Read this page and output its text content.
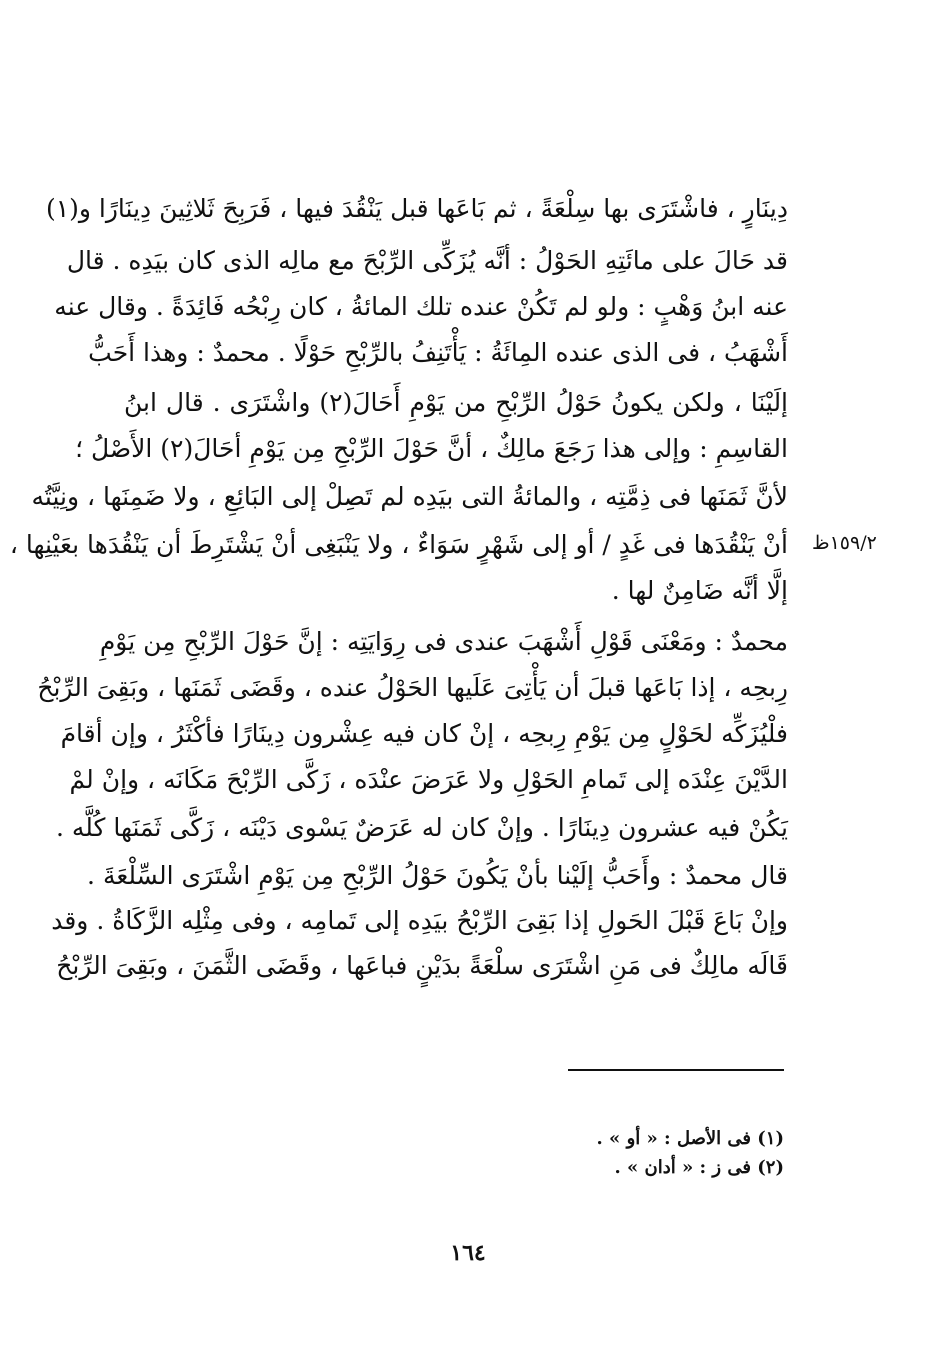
دِينَارٍ ، فاشْتَرَى بها سِلْعَةً ، ثم بَاعَها قبل يَنْقُدَ فيها ، فَرَبِحَ ثَلاثِينَ دِينَارًا و(١)
قد حَالَ على مائَتِهِ الحَوْلُ : أنَّه يُزَكِّى الرِّبْحَ مع مالِه الذى كان بيَدِه . قال
عنه ابنُ وَهْبٍ : ولو لم تَكُنْ عنده تلك المائةُ ، كان رِبْحُه فَائِدَةً . وقال عنه
أَشْهَبُ ، فى الذى عنده المِائَةُ : يَأْتَنِفُ بالرِّبْحِ حَوْلًا . محمدٌ : وهذا أَحَبُّ
إلَيْنَا ، ولكن يكونُ حَوْلُ الرِّبْحِ من يَوْمِ أَحَالَ(٢) واشْتَرَى . قال ابنُ
القاسِمِ : وإلى هذا رَجَعَ مالِكٌ ، أنَّ حَوْلَ الرِّبْحِ مِن يَوْمِ أحَالَ(٢) الأَصْلُ ؛
لأنَّ ثَمَنَها فى ذِمَّتِه ، والمائةُ التى بيَدِه لم تَصِلْ إلى البَائِعِ ، ولا ضَمِنَها ، ونِيَّتُه
أنْ يَنْقُدَها فى غَدٍ / أو إلى شَهْرٍ سَوَاءٌ ، ولا يَنْبَغِى أنْ يَشْتَرِطَ أن يَنْقُدَها بعَيْنِها ،
إلَّا أنَّه ضَامِنٌ لها .
١٥٩/٢ظ
محمدٌ : ومَعْنَى قَوْلِ أَشْهَبَ عندى فى رِوَايَتِه : إنَّ حَوْلَ الرِّبْحِ مِن يَوْمِ
رِبحِه ، إذا بَاعَها قبلَ أن يَأْتِىَ عَلَيها الحَوْلُ عنده ، وقَضَى ثَمَنَها ، وبَقِىَ الرِّبْحُ
فلْيُزَكِّه لحَوْلٍ مِن يَوْمِ رِبحِه ، إنْ كان فيه عِشْرون دِينَارًا فأكْثَرُ ، وإن أقامَ
الدَّيْنَ عِنْدَه إلى تَمامِ الحَوْلِ ولا عَرَضَ عنْدَه ، زَكَّى الرِّبْحَ مَكَانَه ، وإنْ لمْ
يَكُنْ فيه عشرون دِينَارًا . وإنْ كان له عَرَضٌ يَسْوى دَيْنَه ، زَكَّى ثَمَنَها كُلَّه .
قال محمدٌ : وأَحَبُّ إلَيْنا بأنْ يَكُونَ حَوْلُ الرِّبْحِ مِن يَوْمِ اشْتَرَى السِّلْعَةَ .
وإنْ بَاعَ قَبْلَ الحَولِ إذا بَقِىَ الرِّبْحُ بيَدِه إلى تَمامِه ، وفى مِثْلِه الزَّكَاةُ . وقد
قَالَه مالِكٌ فى مَنِ اشْتَرَى سلْعَةً بدَيْنٍ فباعَها ، وقَضَى الثَّمَنَ ، وبَقِىَ الرِّبْحُ
(١) فى الأصل : « أو » .
(٢) فى ز : « أدان » .
١٦٤
